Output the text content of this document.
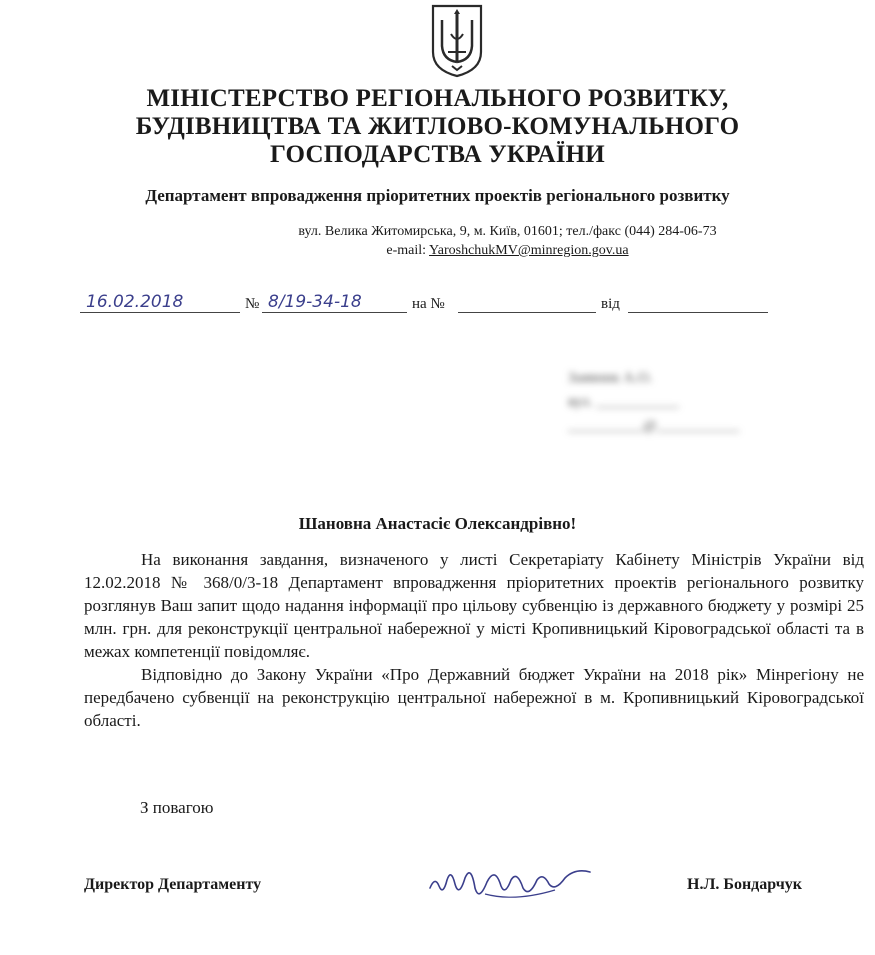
МІНІСТЕРСТВО РЕГІОНАЛЬНОГО РОЗВИТКУ,
БУДІВНИЦТВА ТА ЖИТЛОВО-КОМУНАЛЬНОГО
ГОСПОДАРСТВА УКРАЇНИ
Департамент впровадження пріоритетних проектів регіонального розвитку
вул. Велика Житомирська, 9, м. Київ, 01601; тел./факс (044) 284-06-73
e-mail: YaroshchukMV@minregion.gov.ua
16.02.2018	№ 8/19-34-18	на №	від
Заявник А.О.
вул. ___________
__________@___________
Шановна Анастасіє Олександрівно!

На виконання завдання, визначеного у листі Секретаріату Кабінету Міністрів України від 12.02.2018 № 368/0/3-18 Департамент впровадження пріоритетних проектів регіонального розвитку розглянув Ваш запит щодо надання інформації про цільову субвенцію із державного бюджету у розмірі 25 млн. грн. для реконструкції центральної набережної у місті Кропивницький Кіровоградської області та в межах компетенції повідомляє.

Відповідно до Закону України «Про Державний бюджет України на 2018 рік» Мінрегіону не передбачено субвенції на реконструкцію центральної набережної в м. Кропивницький Кіровоградської області.

З повагою
Директор Департаменту	Н.Л. Бондарчук
